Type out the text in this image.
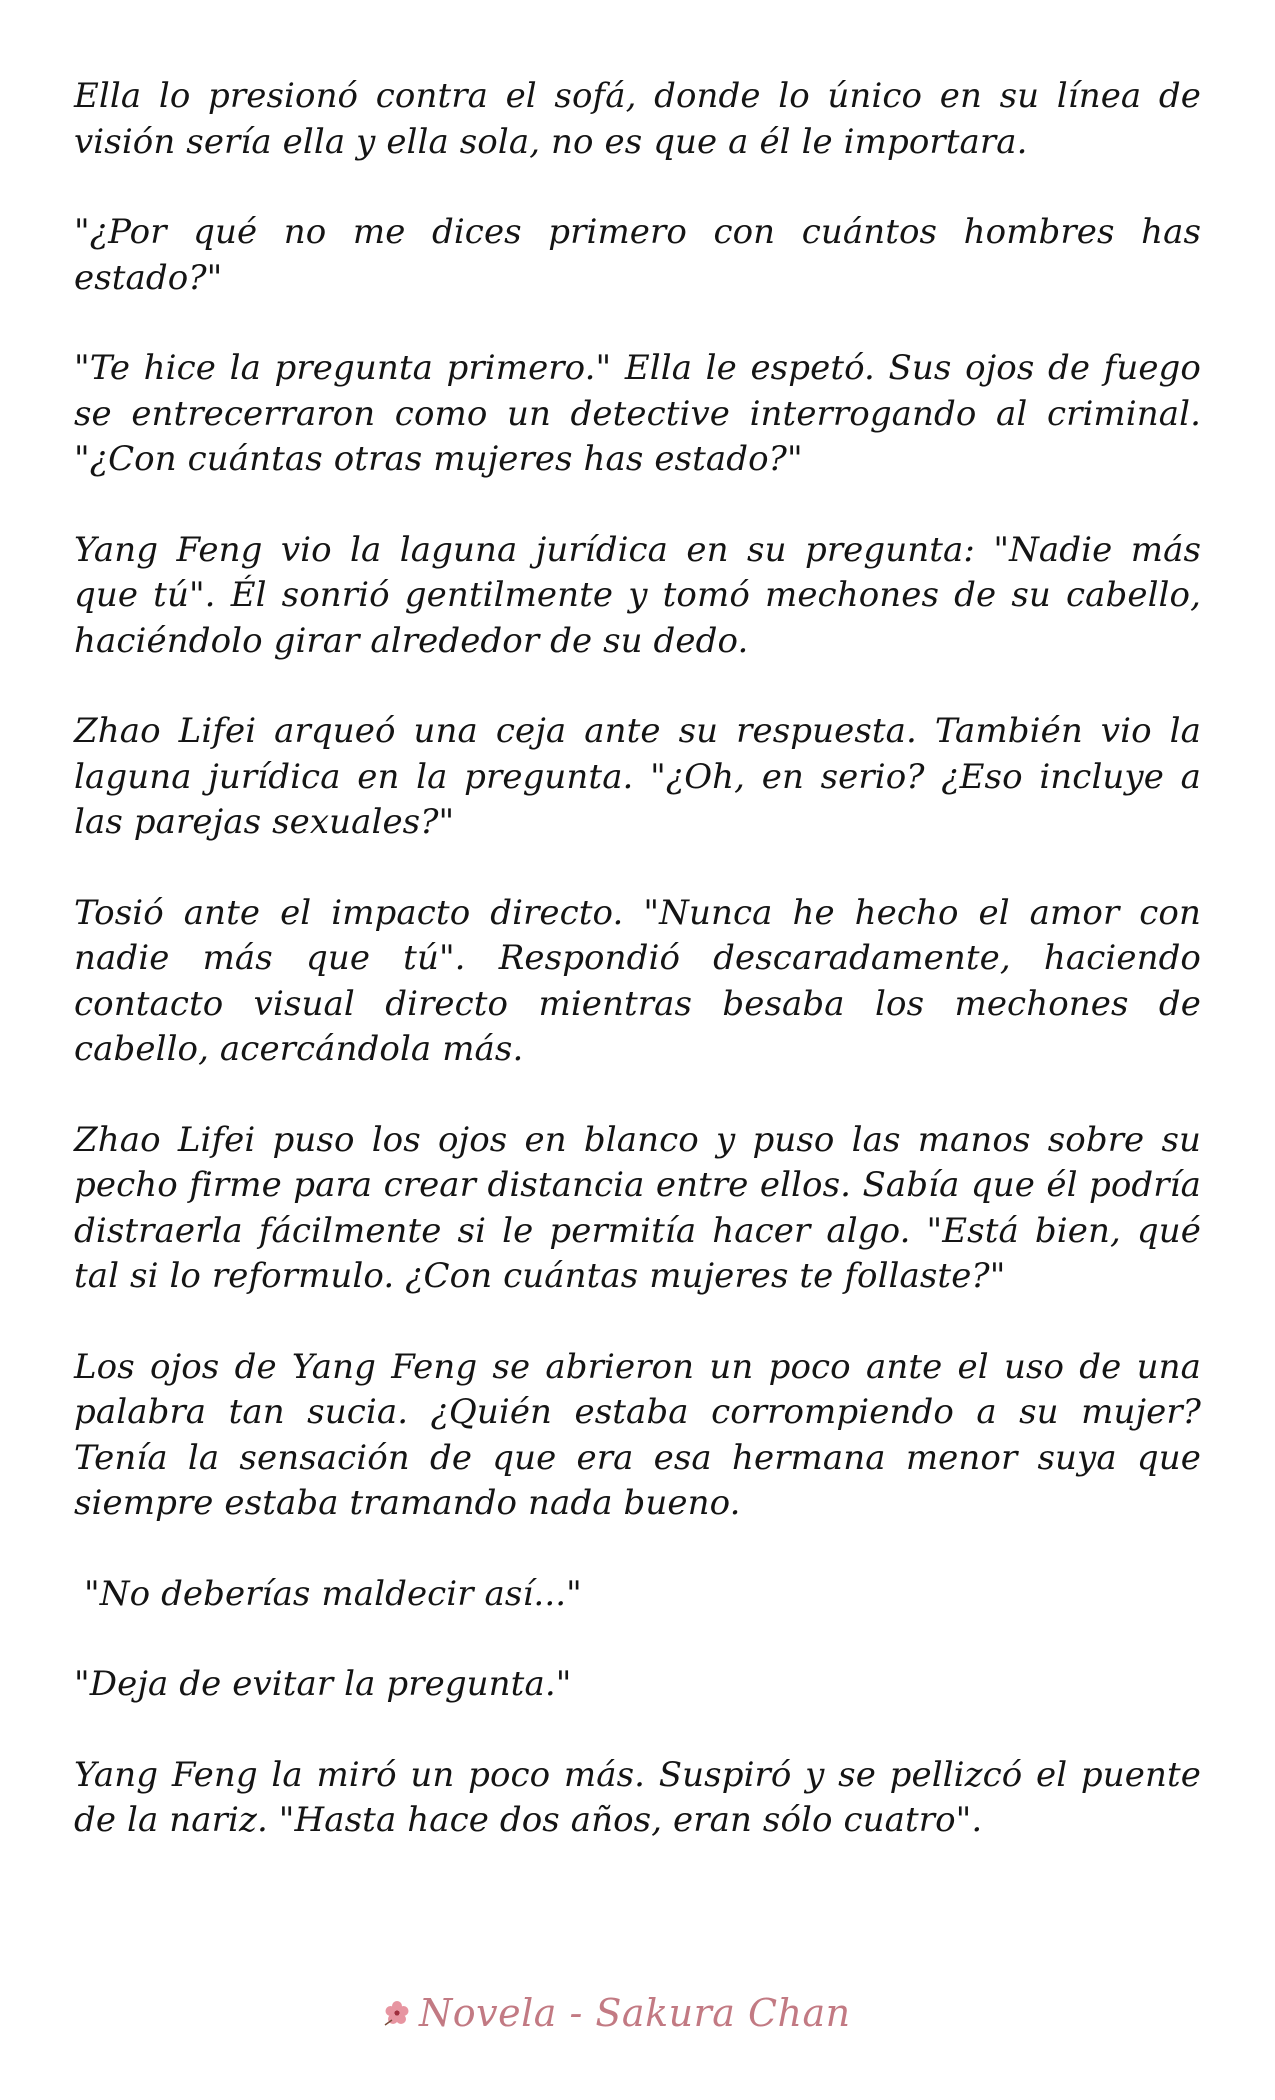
Ella lo presionó contra el sofá, donde lo único en su línea de visión sería ella y ella sola, no es que a él le importara.

"¿Por qué no me dices primero con cuántos hombres has estado?"

"Te hice la pregunta primero." Ella le espetó. Sus ojos de fuego se entrecerraron como un detective interrogando al criminal. "¿Con cuántas otras mujeres has estado?"

Yang Feng vio la laguna jurídica en su pregunta: "Nadie más que tú". Él sonrió gentilmente y tomó mechones de su cabello, haciéndolo girar alrededor de su dedo.

Zhao Lifei arqueó una ceja ante su respuesta. También vio la laguna jurídica en la pregunta. "¿Oh, en serio? ¿Eso incluye a las parejas sexuales?"

Tosió ante el impacto directo. "Nunca he hecho el amor con nadie más que tú". Respondió descaradamente, haciendo contacto visual directo mientras besaba los mechones de cabello, acercándola más.

Zhao Lifei puso los ojos en blanco y puso las manos sobre su pecho firme para crear distancia entre ellos. Sabía que él podría distraerla fácilmente si le permitía hacer algo. "Está bien, qué tal si lo reformulo. ¿Con cuántas mujeres te follaste?"

Los ojos de Yang Feng se abrieron un poco ante el uso de una palabra tan sucia. ¿Quién estaba corrompiendo a su mujer? Tenía la sensación de que era esa hermana menor suya que siempre estaba tramando nada bueno.

"No deberías maldecir así..."

"Deja de evitar la pregunta."

Yang Feng la miró un poco más. Suspiró y se pellizcó el puente de la nariz. "Hasta hace dos años, eran sólo cuatro".

Novela - Sakura Chan
